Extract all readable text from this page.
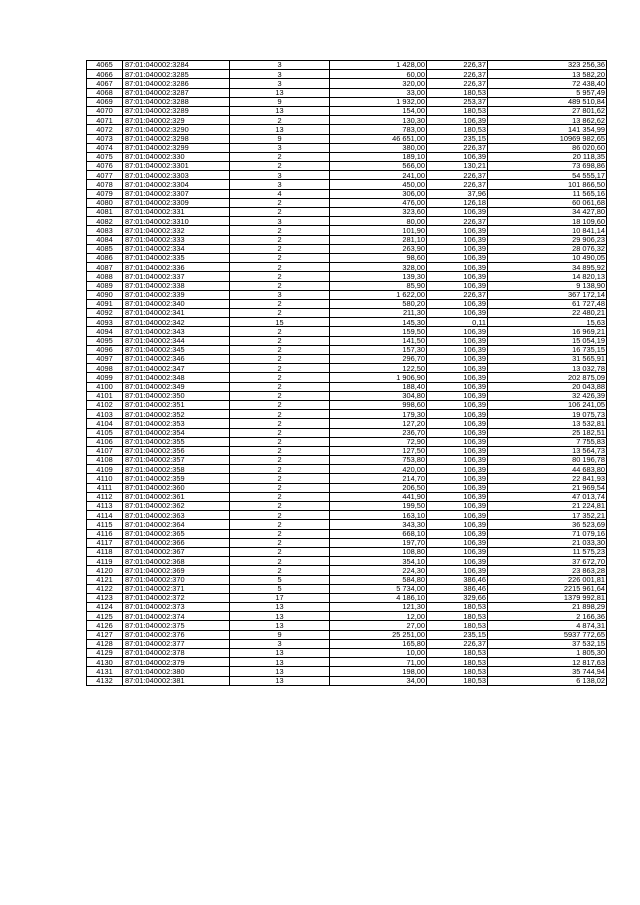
4065	87:01:040002:3284	3	1 428,00	226,37	323 256,36
4066	87:01:040002:3285	3	60,00	226,37	13 582,20
4067	87:01:040002:3286	3	320,00	226,37	72 438,40
4068	87:01:040002:3287	13	33,00	180,53	5 957,49
4069	87:01:040002:3288	9	1 932,00	253,37	489 510,84
4070	87:01:040002:3289	13	154,00	180,53	27 801,62
4071	87:01:040002:329	2	130,30	106,39	13 862,62
4072	87:01:040002:3290	13	783,00	180,53	141 354,99
4073	87:01:040002:3298	9	46 651,00	235,15	10969 982,65
4074	87:01:040002:3299	3	380,00	226,37	86 020,60
4075	87:01:040002:330	2	189,10	106,39	20 118,35
4076	87:01:040002:3301	2	566,00	130,21	73 698,86
4077	87:01:040002:3303	3	241,00	226,37	54 555,17
4078	87:01:040002:3304	3	450,00	226,37	101 866,50
4079	87:01:040002:3307	4	306,00	37,96	11 565,16
4080	87:01:040002:3309	2	476,00	126,18	60 061,68
4081	87:01:040002:331	2	323,60	106,39	34 427,80
4082	87:01:040002:3310	3	80,00	226,37	18 109,60
4083	87:01:040002:332	2	101,90	106,39	10 841,14
4084	87:01:040002:333	2	281,10	106,39	29 906,23
4085	87:01:040002:334	2	263,90	106,39	28 076,32
4086	87:01:040002:335	2	98,60	106,39	10 490,05
4087	87:01:040002:336	2	328,00	106,39	34 895,92
4088	87:01:040002:337	2	139,30	106,39	14 820,13
4089	87:01:040002:338	2	85,90	106,39	9 138,90
4090	87:01:040002:339	3	1 622,00	226,37	367 172,14
4091	87:01:040002:340	2	580,20	106,39	61 727,48
4092	87:01:040002:341	2	211,30	106,39	22 480,21
4093	87:01:040002:342	15	145,30	0,11	15,63
4094	87:01:040002:343	2	159,50	106,39	16 969,21
4095	87:01:040002:344	2	141,50	106,39	15 054,19
4096	87:01:040002:345	2	157,30	106,39	16 735,15
4097	87:01:040002:346	2	296,70	106,39	31 565,91
4098	87:01:040002:347	2	122,50	106,39	13 032,78
4099	87:01:040002:348	2	1 906,90	106,39	202 875,09
4100	87:01:040002:349	2	188,40	106,39	20 043,88
4101	87:01:040002:350	2	304,80	106,39	32 426,39
4102	87:01:040002:351	2	998,60	106,39	106 241,05
4103	87:01:040002:352	2	179,30	106,39	19 075,73
4104	87:01:040002:353	2	127,20	106,39	13 532,81
4105	87:01:040002:354	2	236,70	106,39	25 182,51
4106	87:01:040002:355	2	72,90	106,39	7 755,83
4107	87:01:040002:356	2	127,50	106,39	13 564,73
4108	87:01:040002:357	2	753,80	106,39	80 196,78
4109	87:01:040002:358	2	420,00	106,39	44 683,80
4110	87:01:040002:359	2	214,70	106,39	22 841,93
4111	87:01:040002:360	2	206,50	106,39	21 969,54
4112	87:01:040002:361	2	441,90	106,39	47 013,74
4113	87:01:040002:362	2	199,50	106,39	21 224,81
4114	87:01:040002:363	2	163,10	106,39	17 352,21
4115	87:01:040002:364	2	343,30	106,39	36 523,69
4116	87:01:040002:365	2	668,10	106,39	71 079,16
4117	87:01:040002:366	2	197,70	106,39	21 033,30
4118	87:01:040002:367	2	108,80	106,39	11 575,23
4119	87:01:040002:368	2	354,10	106,39	37 672,70
4120	87:01:040002:369	2	224,30	106,39	23 863,28
4121	87:01:040002:370	5	584,80	386,46	226 001,81
4122	87:01:040002:371	5	5 734,00	386,46	2215 961,64
4123	87:01:040002:372	17	4 186,10	329,66	1379 992,81
4124	87:01:040002:373	13	121,30	180,53	21 898,29
4125	87:01:040002:374	13	12,00	180,53	2 166,36
4126	87:01:040002:375	13	27,00	180,53	4 874,31
4127	87:01:040002:376	9	25 251,00	235,15	5937 772,65
4128	87:01:040002:377	3	165,80	226,37	37 532,15
4129	87:01:040002:378	13	10,00	180,53	1 805,30
4130	87:01:040002:379	13	71,00	180,53	12 817,63
4131	87:01:040002:380	13	198,00	180,53	35 744,94
4132	87:01:040002:381	13	34,00	180,53	6 138,02
